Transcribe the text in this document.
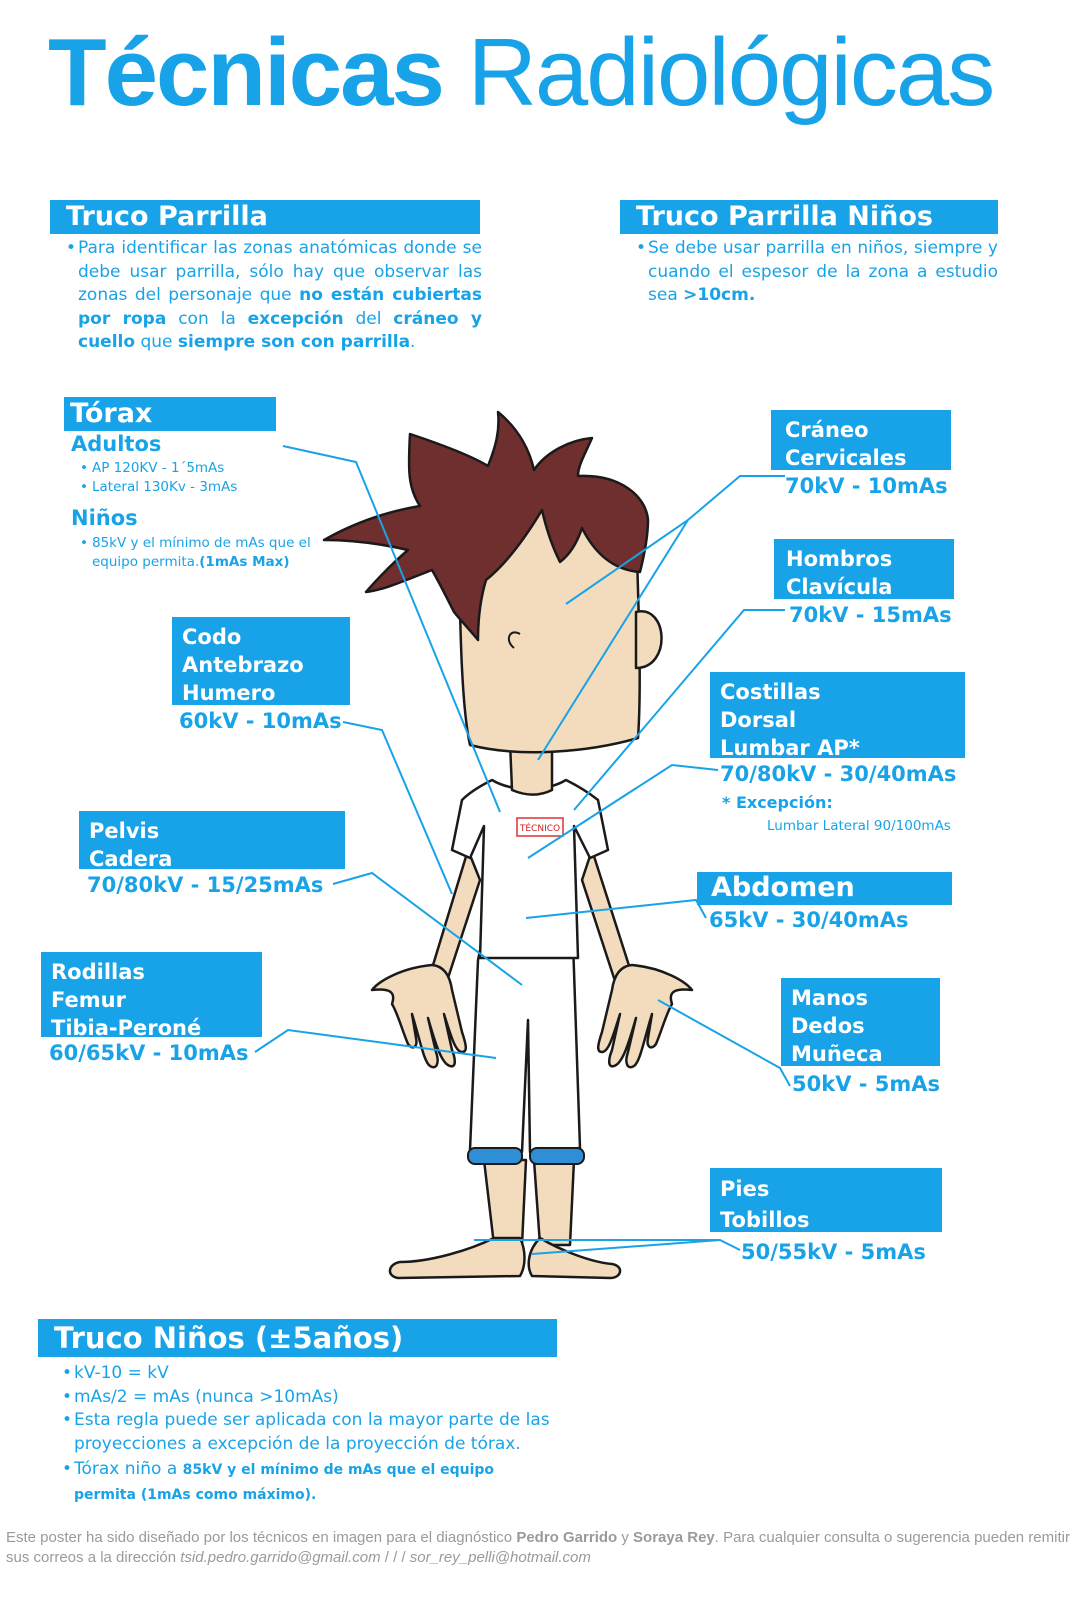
Técnicas Radiológicas
Truco Parrilla
• Para identificar las zonas anatómicas donde se debe usar parrilla, sólo hay que observar las zonas del personaje que no están cubiertas por ropa con la excepción del cráneo y cuello que siempre son con parrilla.
Truco Parrilla Niños
• Se debe usar parrilla en niños, siempre y cuando el espesor de la zona a estudio sea >10cm.
Tórax
Adultos
• AP 120KV - 1´5mAs
• Lateral 130Kv - 3mAs
Niños
• 85kV y el mínimo de mAs que el equipo permita.(1mAs Max)
Cráneo
Cervicales
70kV - 10mAs
Hombros
Clavícula
70kV - 15mAs
Codo
Antebrazo
Humero
60kV - 10mAs
Costillas
Dorsal
Lumbar AP*
70/80kV - 30/40mAs
* Excepción:
Lumbar Lateral 90/100mAs
Pelvis
Cadera
70/80kV - 15/25mAs	Abdomen
65kV - 30/40mAs
Rodillas
Femur
Tibia-Peroné
60/65kV - 10mAs
Manos
Dedos
Muñeca
50kV - 5mAs
Pies
Tobillos
50/55kV - 5mAs
TÉCNICO
Truco Niños (±5años)
• kV-10 = kV
• mAs/2 = mAs (nunca >10mAs)
• Esta regla puede ser aplicada con la mayor parte de las proyecciones a excepción de la proyección de tórax.
• Tórax niño a 85kV y el mínimo de mAs que el equipo permita (1mAs como máximo).
Este poster ha sido diseñado por los técnicos en imagen para el diagnóstico Pedro Garrido y Soraya Rey. Para cualquier consulta o sugerencia pueden remitir sus correos a la dirección tsid.pedro.garrido@gmail.com / / / sor_rey_pelli@hotmail.com
